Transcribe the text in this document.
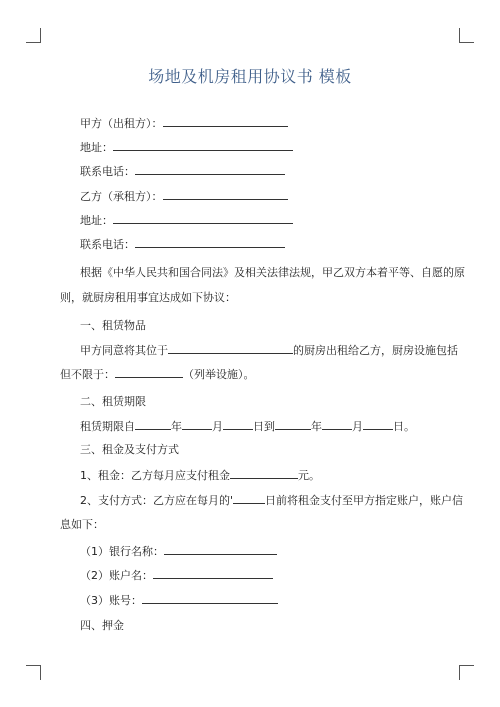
场地及机房租用协议书 模板
甲方（出租方）：
地址：
联系电话：
乙方（承租方）：
地址：
联系电话：
根据《中华人民共和国合同法》及相关法律法规，甲乙双方本着平等、自愿的原
则，就厨房租用事宜达成如下协议：
一、租赁物品
甲方同意将其位于	的厨房出租给乙方，厨房设施包括
但不限于：	（列举设施）。
二、租赁期限
租赁期限自	年	月	日到	年	月	日。
三、租金及支付方式
1、租金：乙方每月应支付租金	元。
2、支付方式：乙方应在每月的'	日前将租金支付至甲方指定账户，账户信
息如下：
（1）银行名称：
（2）账户名：
（3）账号：
四、押金
